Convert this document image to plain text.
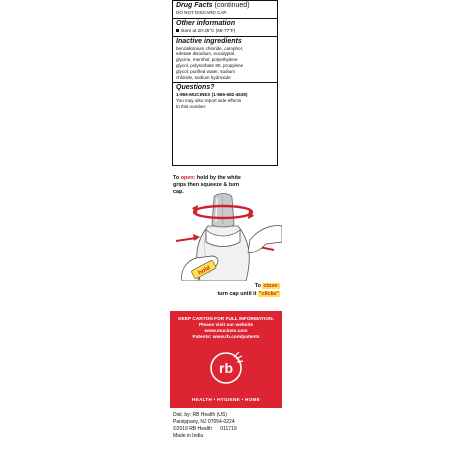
Drug Facts (continued)

DO NOT DISCARD CAP.

Other information

store at 20-25°C (68-77°F)

Inactive ingredients

benzalkonium chloride, camphor,

edetate disodium, eucalyptol,

glycine, menthol, polyethylene

glycol, polysorbate 80, propylene

glycol, purified water, sodium

chloride, sodium hydroxide

Questions?

1-866-MUCINEX (1-866-682-4639)

You may also report side effects

to this number.

To open: hold by the white
grips then squeeze & turn
cap.
hold
To close:
turn cap until it "clicks"
KEEP CARTON FOR FULL INFORMATION.
Please visit our website
www.mucinex.com
Patents: www.rb.com/patents
rb
HEALTH • HYGIENE • HOME
Dist. by: RB Health (US)
Parsippany, NJ 07054-0224
©2019 RB Health      011719
Made in India
